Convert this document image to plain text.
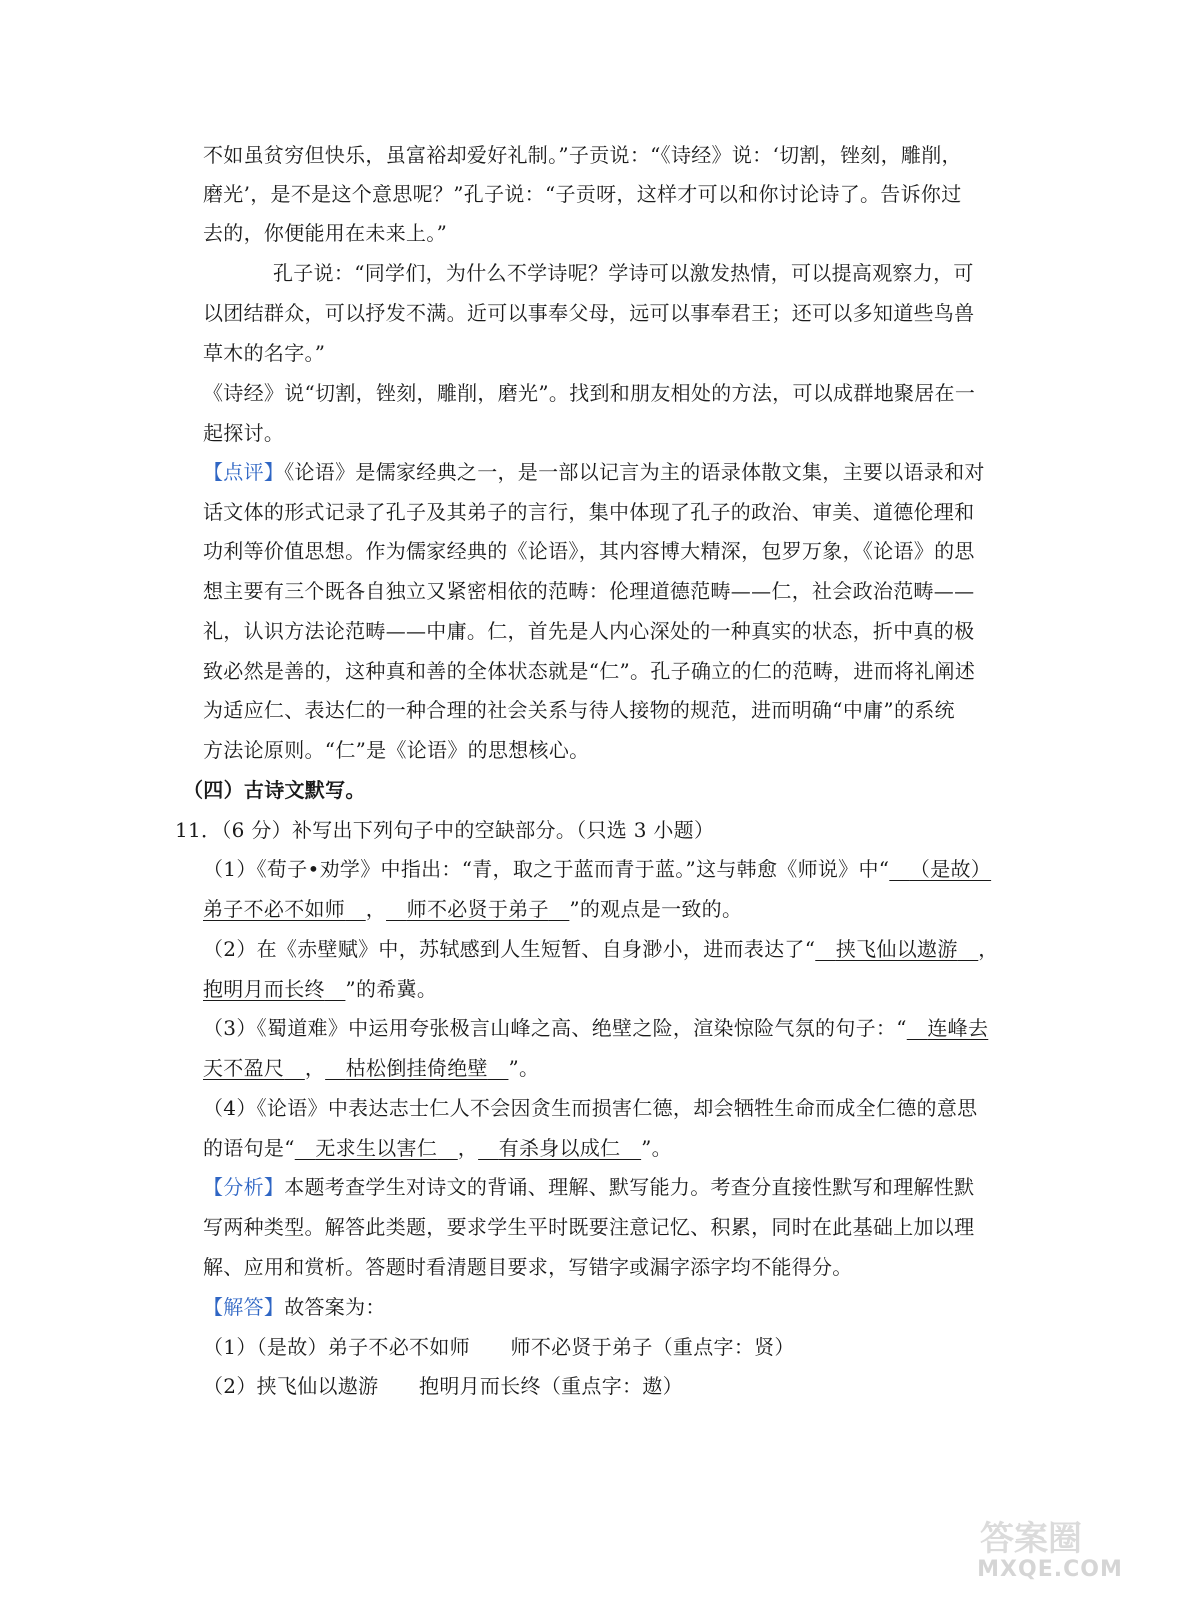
不如虽贫穷但快乐，虽富裕却爱好礼制。”子贡说：“《诗经》说：‘切割，锉刻，雕削，
磨光’，是不是这个意思呢？”孔子说：“子贡呀，这样才可以和你讨论诗了。告诉你过
去的，你便能用在未来上。”
孔子说：“同学们，为什么不学诗呢？学诗可以激发热情，可以提高观察力，可
以团结群众，可以抒发不满。近可以事奉父母，远可以事奉君王；还可以多知道些鸟兽
草木的名字。”
《诗经》说“切割，锉刻，雕削，磨光”。找到和朋友相处的方法，可以成群地聚居在一
起探讨。
【点评】《论语》是儒家经典之一，是一部以记言为主的语录体散文集，主要以语录和对
话文体的形式记录了孔子及其弟子的言行，集中体现了孔子的政治、审美、道德伦理和
功利等价值思想。作为儒家经典的《论语》，其内容博大精深，包罗万象，《论语》的思
想主要有三个既各自独立又紧密相依的范畴：伦理道德范畴——仁，社会政治范畴——
礼，认识方法论范畴——中庸。仁，首先是人内心深处的一种真实的状态，折中真的极
致必然是善的，这种真和善的全体状态就是“仁”。孔子确立的仁的范畴，进而将礼阐述
为适应仁、表达仁的一种合理的社会关系与待人接物的规范，进而明确“中庸”的系统
方法论原则。“仁”是《论语》的思想核心。
（四）古诗文默写。
11．（6 分）补写出下列句子中的空缺部分。（只选 3 小题）
（1）《荀子•劝学》中指出：“青，取之于蓝而青于蓝。”这与韩愈《师说》中“   （是故）
弟子不必不如师   ，   师不必贤于弟子   ”的观点是一致的。
（2）在《赤壁赋》中，苏轼感到人生短暂、自身渺小，进而表达了“   挟飞仙以遨游   ，
抱明月而长终   ”的希冀。
（3）《蜀道难》中运用夸张极言山峰之高、绝壁之险，渲染惊险气氛的句子：“   连峰去
天不盈尺   ，   枯松倒挂倚绝壁   ”。
（4）《论语》中表达志士仁人不会因贪生而损害仁德，却会牺牲生命而成全仁德的意思
的语句是“   无求生以害仁   ，   有杀身以成仁   ”。
【分析】本题考查学生对诗文的背诵、理解、默写能力。考查分直接性默写和理解性默
写两种类型。解答此类题，要求学生平时既要注意记忆、积累，同时在此基础上加以理
解、应用和赏析。答题时看清题目要求，写错字或漏字添字均不能得分。
【解答】故答案为：
（1）（是故）弟子不必不如师　　师不必贤于弟子（重点字：贤）
（2）挟飞仙以遨游　　抱明月而长终（重点字：遨）
答案圈
MXQE.COM
